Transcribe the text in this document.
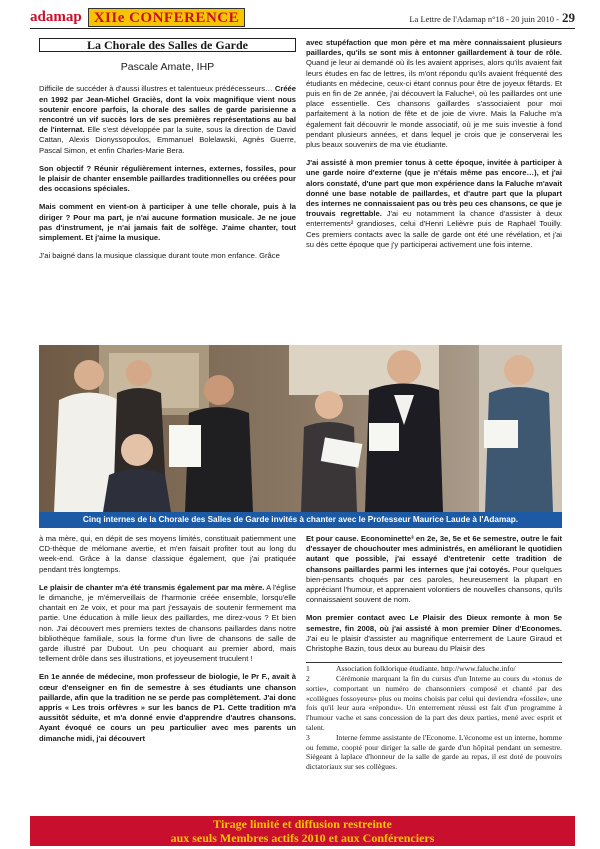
adamap XIIe CONFERENCE	La Lettre de l'Adamap n°18 - 20 juin 2010 - 29
La Chorale des Salles de Garde
Pascale Amate, IHP

Difficile de succéder à d'aussi illustres et talentueux prédécesseurs… Créée en 1992 par Jean-Michel Graciès, dont la voix magnifique vient nous soutenir encore parfois, la chorale des salles de garde parisienne a rencontré un vif succès lors de ses premières représentations au bal de l'internat. Elle s'est développée par la suite, sous la direction de David Cattan, Alexis Dionyssopoulos, Emmanuel Bolelawski, Agnès Guerre, Pascal Simon, et enfin Charles-Marie Bera.

Son objectif ? Réunir régulièrement internes, externes, fossiles, pour le plaisir de chanter ensemble paillardes traditionnelles ou créées pour des occasions spéciales.

Mais comment en vient-on à participer à une telle chorale, puis à la diriger ? Pour ma part, je n'ai aucune formation musicale. Je ne joue pas d'instrument, je n'ai jamais fait de solfège. J'aime chanter, tout simplement. Et j'aime la musique.

J'ai baigné dans la musique classique durant toute mon enfance. Grâce

avec stupéfaction que mon père et ma mère connaissaient plusieurs paillardes, qu'ils se sont mis à entonner gaillardement à tour de rôle. Quand je leur ai demandé où ils les avaient apprises, alors qu'ils avaient fait leurs études en fac de lettres, ils m'ont répondu qu'ils avaient fréquenté des étudiants en médecine, ceux-ci étant connus pour être de joyeux fêtards. Et puis en fin de 2e année, j'ai découvert la Faluche¹, où les paillardes ont une place essentielle. Ces chansons gaillardes s'associaient pour moi parfaitement à la notion de fête et de joie de vivre. Mais la Faluche m'a également fait découvrir le monde associatif, où je me suis investie à fond pendant plusieurs années, et dans lequel je crois que je conserverai les plus beaux souvenirs de ma vie étudiante.

J'ai assisté à mon premier tonus à cette époque, invitée à participer à une garde noire d'externe (que je n'étais même pas encore…), et j'ai alors constaté, d'une part que mon expérience dans la Faluche m'avait donné une base notable de paillardes, et d'autre part que la plupart des internes ne connaissaient pas ou très peu ces chansons, ce que je trouvais regrettable. J'ai eu notamment la chance d'assister à deux enterrements² grandioses, celui d'Henri Lelièvre puis de Raphaël Touilly. Ces premiers contacts avec la salle de garde ont été une révélation, et j'ai su dès cette époque que j'y participerai activement une fois interne.

Cinq internes de la Chorale des Salles de Garde invités à chanter avec le Professeur Maurice Laude à l'Adamap.

à ma mère, qui, en dépit de ses moyens limités, constituait patiemment une CD-thèque de mélomane avertie, et m'en faisait profiter tout au long du week-end. Grâce à la danse classique également, que j'ai pratiquée pendant très longtemps.

Le plaisir de chanter m'a été transmis également par ma mère. A l'église le dimanche, je m'émerveillais de l'harmonie créée ensemble, lorsqu'elle chantait en 2e voix, et pour ma part j'essayais de soutenir fermement ma partie. Une éducation à mille lieux des paillardes, me direz-vous ? Et bien non. J'ai découvert mes premiers textes de chansons paillardes dans notre bibliothèque familiale, sous la forme d'un livre de chansons de salle de garde illustré par Dubout. Un peu choquant au premier abord, mais tellement drôle dans ses illustrations, et joyeusement truculent !

En 1e année de médecine, mon professeur de biologie, le Pr F., avait à cœur d'enseigner en fin de semestre à ses étudiants une chanson paillarde, afin que la tradition ne se perde pas complètement. J'ai donc appris « Les trois orfèvres » sur les bancs de P1. Cette tradition m'a aussitôt séduite, et m'a donné envie d'apprendre d'autres chansons. Ayant évoqué ce cours un peu particulier avec mes parents un dimanche midi, j'ai découvert

Et pour cause. Econominette³ en 2e, 3e, 5e et 6e semestre, outre le fait d'essayer de chouchouter mes administrés, en améliorant le quotidien autant que possible, j'ai essayé d'entretenir cette tradition de chansons paillardes parmi les internes que j'ai cotoyés. Pour quelques bien-pensants choqués par ces paroles, heureusement la plupart en appréciant l'humour, et apprenaient volontiers de nouvelles chansons, qu'ils connaissaient souvent de nom.

Mon premier contact avec Le Plaisir des Dieux remonte à mon 5e semestre, fin 2008, où j'ai assisté à mon premier Dîner d'Economes. J'ai eu le plaisir d'assister au magnifique enterrement de Laure Giraud et Christophe Bazin, tous deux au bureau du Plaisir des

1	Association folklorique étudiante. http://www.faluche.info/
2	Cérémonie marquant la fin du cursus d'un Interne au cours du «tonus de sortie», comportant un numéro de chansonniers composé et chanté par des «collègues fossoyeurs» plus ou moins choisis par celui qui deviendra «fossile», une fois qu'il leur aura «répondu». Un enterrement réussi est fait d'un programme à l'humour vache et sans concession de la part des deux parties, mené avec esprit et talent.
3	Interne femme assistante de l'Econome. L'économe est un interne, homme ou femme, coopté pour diriger la salle de garde d'un hôpital pendant un semestre. Siégeant à laplace d'honneur de la salle de garde au repas, il est doté de pouvoirs dictatoriaux sur ses collègues.
Tirage limité et diffusion restreinte
aux seuls Membres actifs 2010 et aux Conférenciers
